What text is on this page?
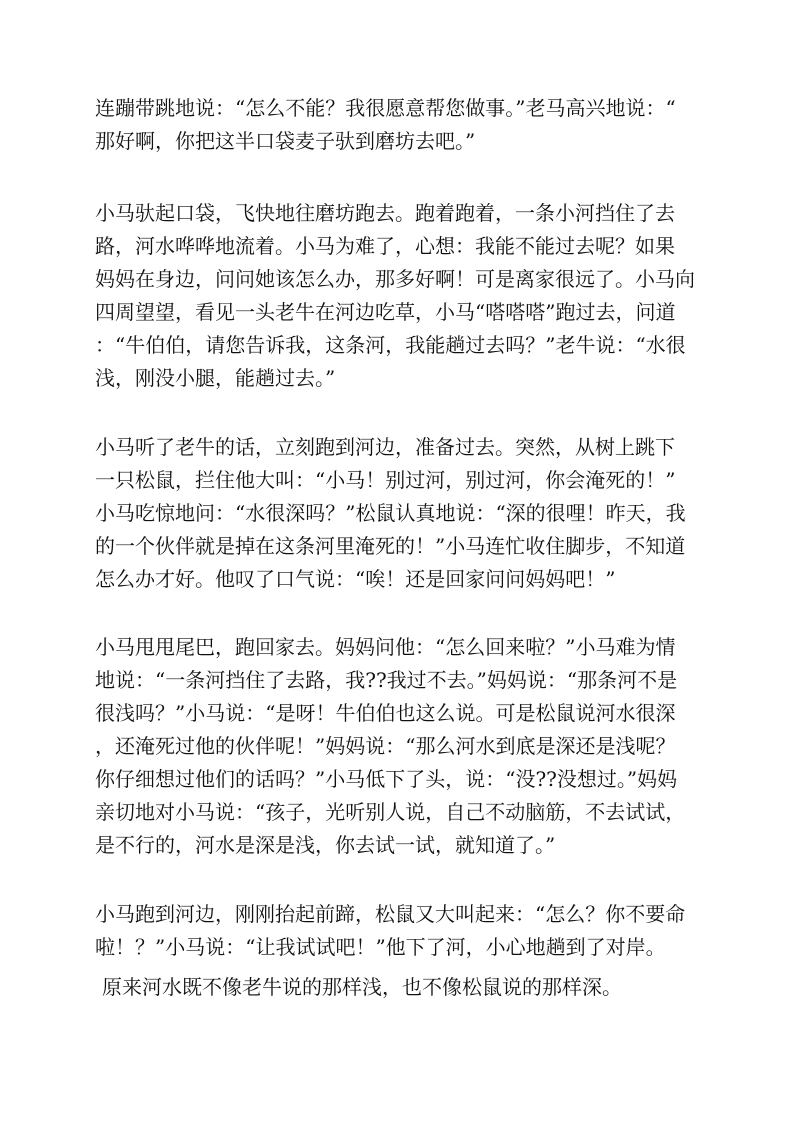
连蹦带跳地说：“怎么不能？我很愿意帮您做事。”老马高兴地说：“
那好啊，你把这半口袋麦子驮到磨坊去吧。”

小马驮起口袋，飞快地往磨坊跑去。跑着跑着，一条小河挡住了去
路，河水哗哗地流着。小马为难了，心想：我能不能过去呢？如果
妈妈在身边，问问她该怎么办，那多好啊！可是离家很远了。小马向
四周望望，看见一头老牛在河边吃草，小马“嗒嗒嗒”跑过去，问道
：“牛伯伯，请您告诉我，这条河，我能趟过去吗？”老牛说：“水很
浅，刚没小腿，能趟过去。”

小马听了老牛的话，立刻跑到河边，准备过去。突然，从树上跳下
一只松鼠，拦住他大叫：“小马！别过河，别过河，你会淹死的！”
小马吃惊地问：“水很深吗？”松鼠认真地说：“深的很哩！昨天，我
的一个伙伴就是掉在这条河里淹死的！”小马连忙收住脚步，不知道
怎么办才好。他叹了口气说：“唉！还是回家问问妈妈吧！”

小马甩甩尾巴，跑回家去。妈妈问他：“怎么回来啦？”小马难为情
地说：“一条河挡住了去路，我??我过不去。”妈妈说：“那条河不是
很浅吗？”小马说：“是呀！牛伯伯也这么说。可是松鼠说河水很深
，还淹死过他的伙伴呢！”妈妈说：“那么河水到底是深还是浅呢？
你仔细想过他们的话吗？”小马低下了头，说：“没??没想过。”妈妈
亲切地对小马说：“孩子，光听别人说，自己不动脑筋，不去试试，
是不行的，河水是深是浅，你去试一试，就知道了。”

小马跑到河边，刚刚抬起前蹄，松鼠又大叫起来：“怎么？你不要命
啦！？”小马说：“让我试试吧！”他下了河，小心地趟到了对岸。

原来河水既不像老牛说的那样浅，也不像松鼠说的那样深。
